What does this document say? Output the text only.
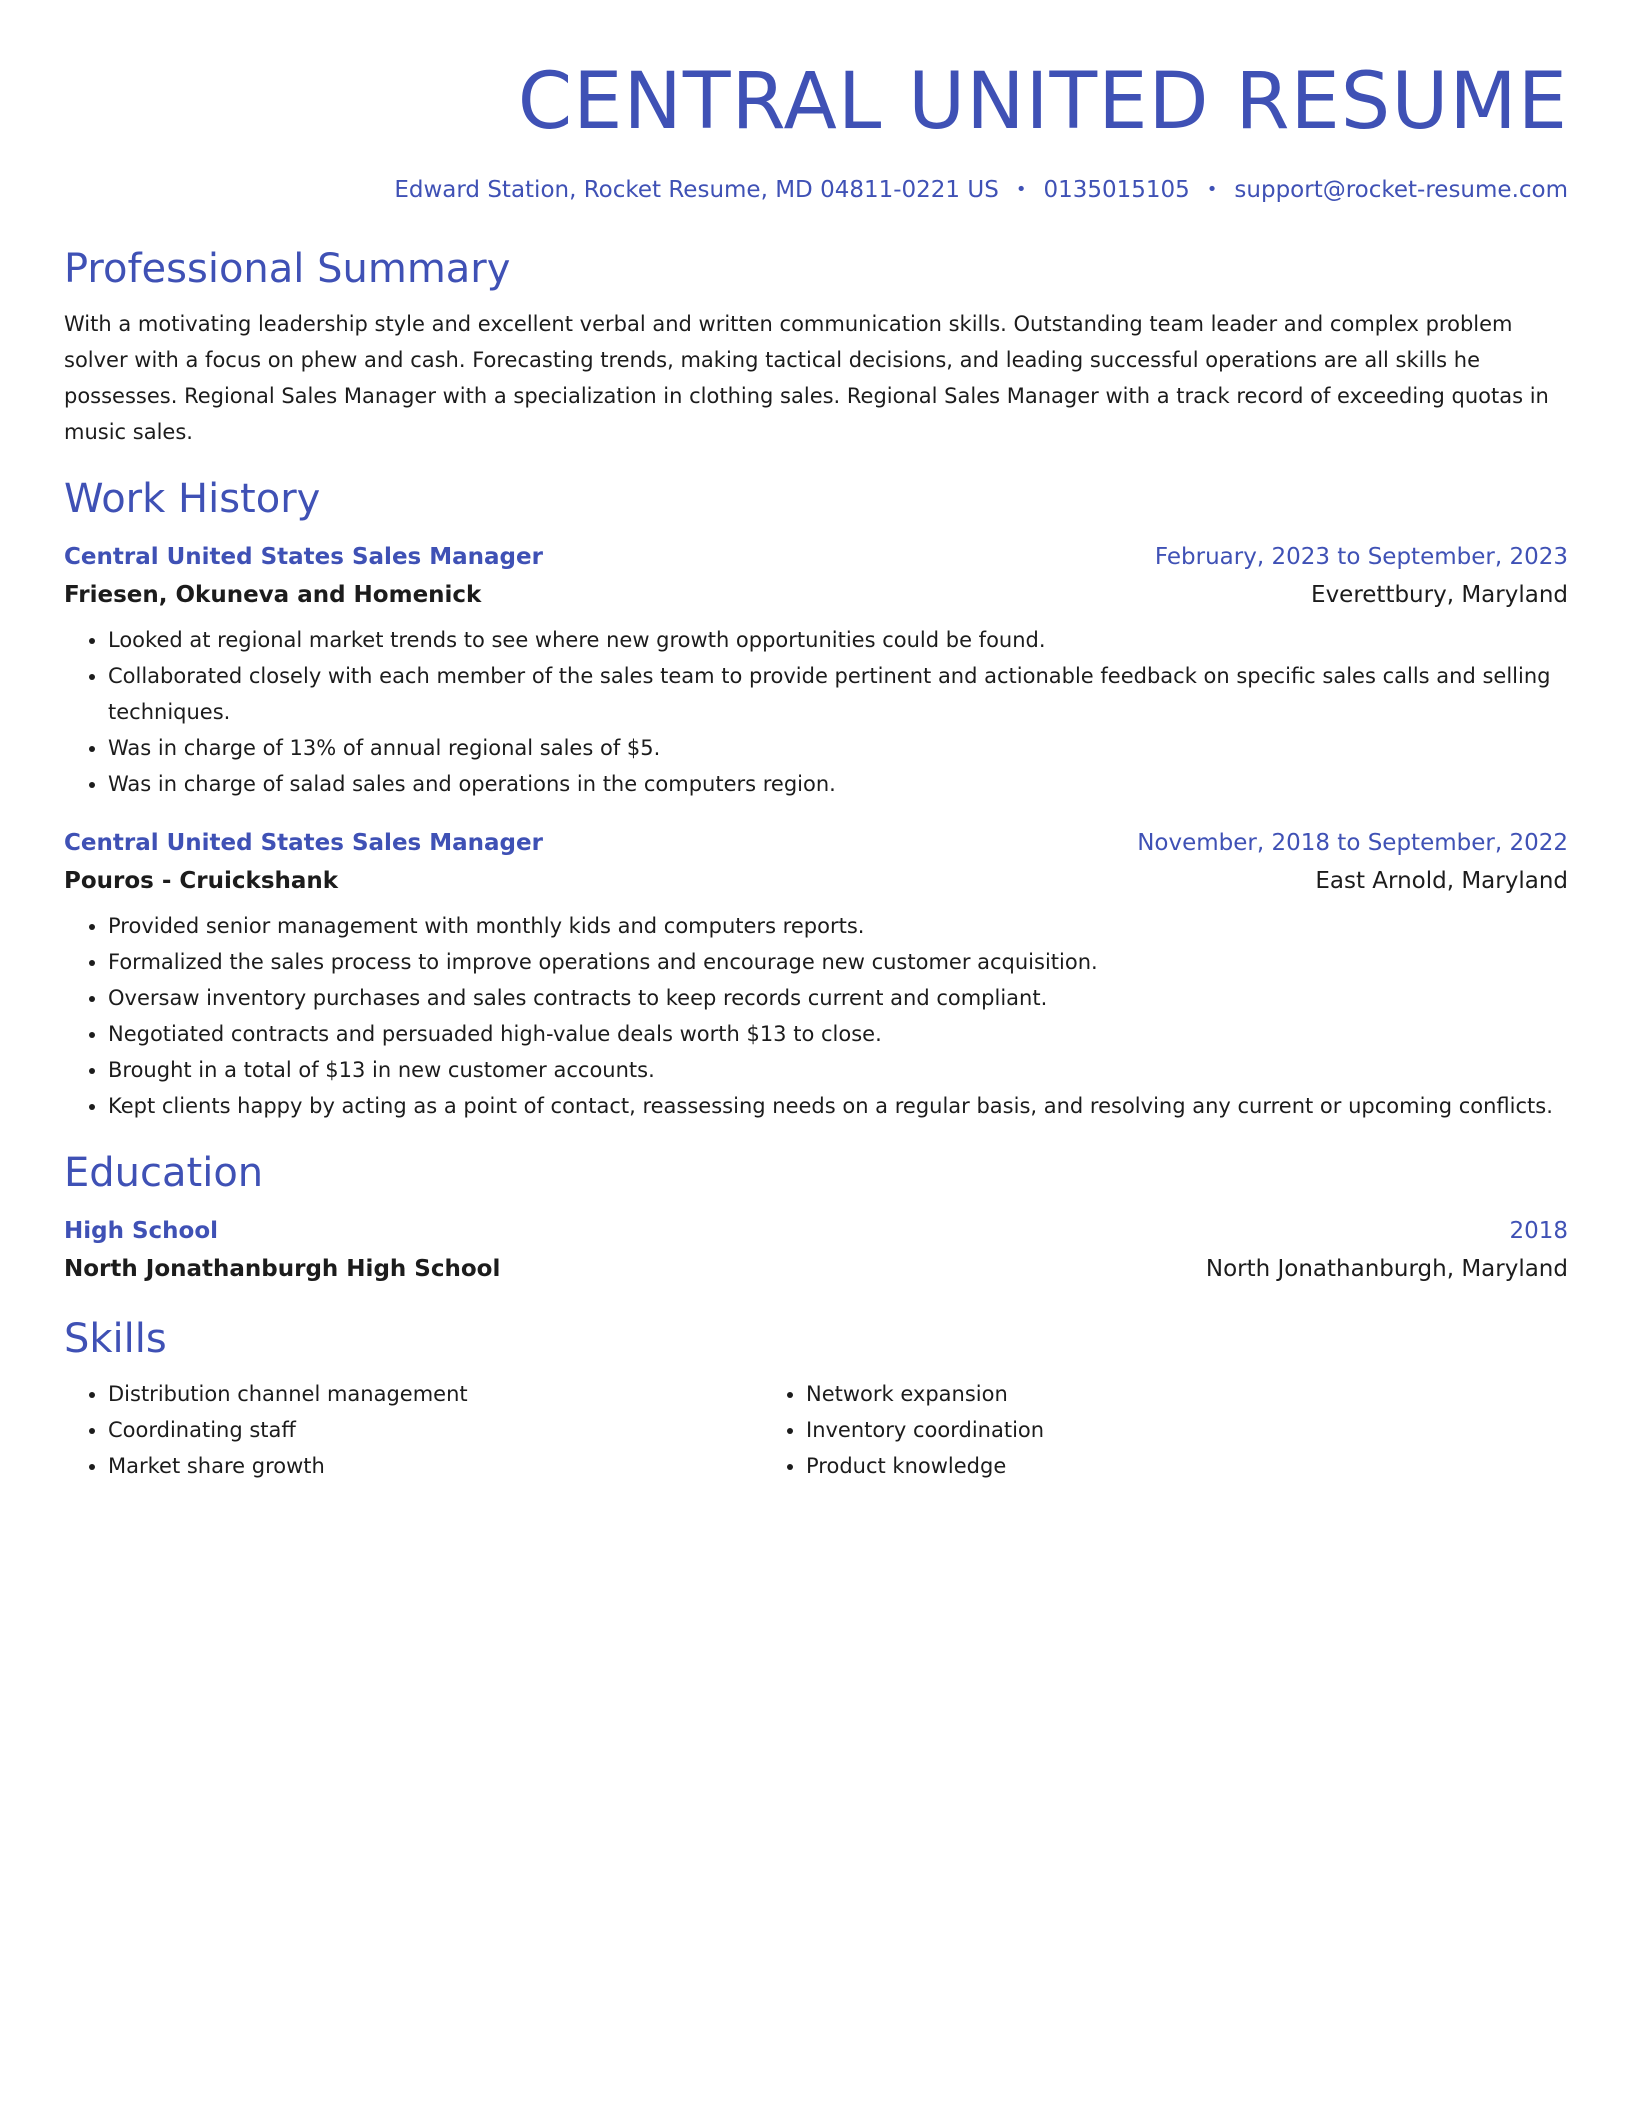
CENTRAL UNITED RESUME
Edward Station, Rocket Resume, MD 04811-0221 US • 0135015105 • support@rocket-resume.com
Professional Summary

With a motivating leadership style and excellent verbal and written communication skills. Outstanding team leader and complex problem solver with a focus on phew and cash. Forecasting trends, making tactical decisions, and leading successful operations are all skills he possesses. Regional Sales Manager with a specialization in clothing sales. Regional Sales Manager with a track record of exceeding quotas in music sales.

Work History
Central United States Sales Manager	February, 2023 to September, 2023
Friesen, Okuneva and Homenick	Everettbury, Maryland
• Looked at regional market trends to see where new growth opportunities could be found.
• Collaborated closely with each member of the sales team to provide pertinent and actionable feedback on specific sales calls and selling techniques.
• Was in charge of 13% of annual regional sales of $5.
• Was in charge of salad sales and operations in the computers region.
Central United States Sales Manager	November, 2018 to September, 2022
Pouros - Cruickshank	East Arnold, Maryland
• Provided senior management with monthly kids and computers reports.
• Formalized the sales process to improve operations and encourage new customer acquisition.
• Oversaw inventory purchases and sales contracts to keep records current and compliant.
• Negotiated contracts and persuaded high-value deals worth $13 to close.
• Brought in a total of $13 in new customer accounts.
• Kept clients happy by acting as a point of contact, reassessing needs on a regular basis, and resolving any current or upcoming conflicts.
Education
High School	2018
North Jonathanburgh High School	North Jonathanburgh, Maryland
Skills
• Distribution channel management
• Coordinating staff
• Market share growth
• Network expansion
• Inventory coordination
• Product knowledge
